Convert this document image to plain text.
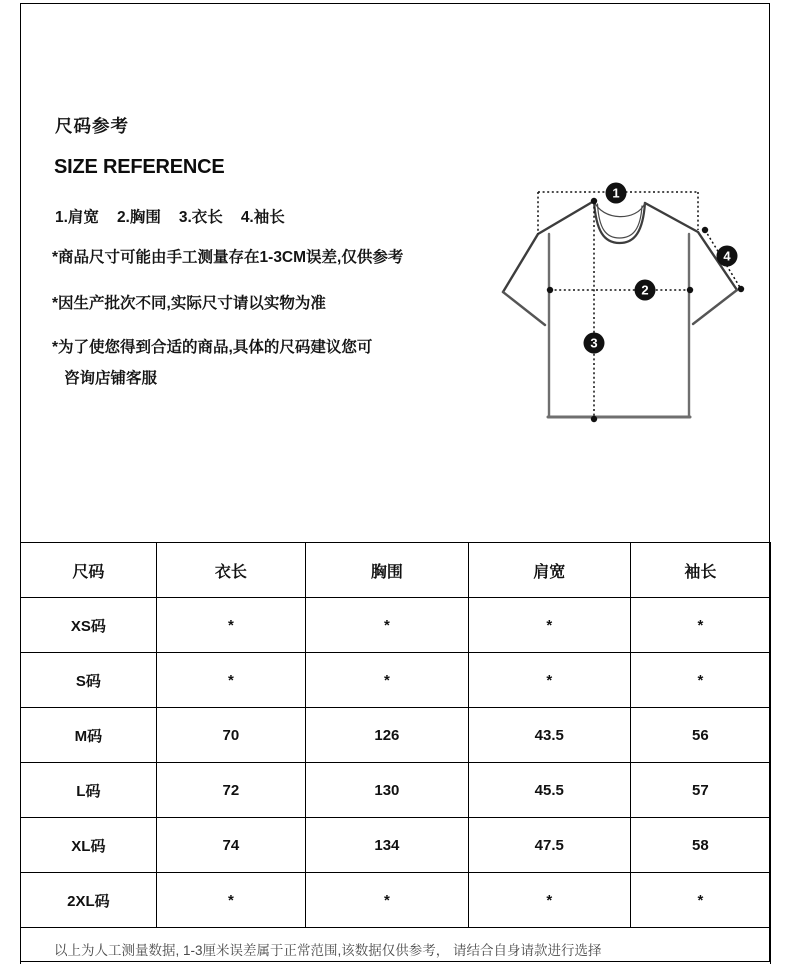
尺码参考
SIZE REFERENCE
1.肩宽 2.胸围 3.衣长 4.袖长
*商品尺寸可能由手工测量存在1-3CM误差,仅供参考
*因生产批次不同,实际尺寸请以实物为准
*为了使您得到合适的商品,具体的尺码建议您可
咨询店铺客服
1
2
3
4
尺码	衣长	胸围	肩宽	袖长
XS码	*	*	*	*
S码	*	*	*	*
M码	70	126	43.5	56
L码	72	130	45.5	57
XL码	74	134	47.5	58
2XL码	*	*	*	*
以上为人工测量数据, 1-3厘米误差属于正常范围,该数据仅供参考， 请结合自身请款进行选择				
